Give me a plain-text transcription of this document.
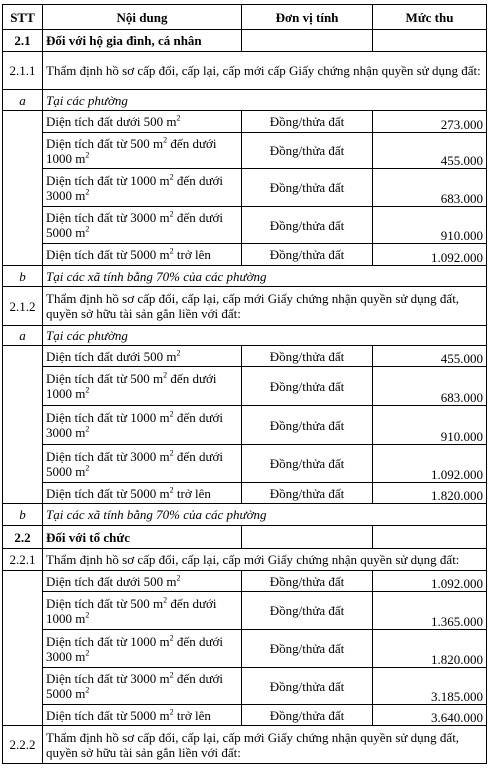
STT	Nội dung	Đơn vị tính	Mức thu
2.1	Đối với hộ gia đình, cá nhân		
2.1.1	Thẩm định hồ sơ cấp đổi, cấp lại, cấp mới cấp Giấy chứng nhận quyền sử dụng đất:		
a	Tại các phường		
	Diện tích đất dưới 500 $m^2$	Đồng/thửa đất	273.000
	Diện tích đất từ 500 $m^2$ đến dưới
1000 $m^2$	Đồng/thửa đất	455.000
	Diện tích đất từ 1000 $m^2$ đến dưới
3000 $m^2$	Đồng/thửa đất	683.000
	Diện tích đất từ 3000 $m^2$ đến dưới
5000 $m^2$	Đồng/thửa đất	910.000
	Diện tích đất từ 5000 $m^2$ trở lên	Đồng/thửa đất	1.092.000
b	Tại các xã tính bằng 70% của các phường		
2.1.2	Thẩm định hồ sơ cấp đổi, cấp lại, cấp mới Giấy chứng nhận quyền sử dụng đất, quyền sở hữu tài sản gắn liền với đất:		
a	Tại các phường		
	Diện tích đất dưới 500 $m^2$	Đồng/thửa đất	455.000
	Diện tích đất từ 500 $m^2$ đến dưới
1000 $m^2$	Đồng/thửa đất	683.000
	Diện tích đất từ 1000 $m^2$ đến dưới
3000 $m^2$	Đồng/thửa đất	910.000
	Diện tích đất từ 3000 $m^2$ đến dưới
5000 $m^2$	Đồng/thửa đất	1.092.000
	Diện tích đất từ 5000 $m^2$ trở lên	Đồng/thửa đất	1.820.000
b	Tại các xã tính bằng 70% của các phường		
2.2	Đối với tổ chức		
2.2.1	Thẩm định hồ sơ cấp đổi, cấp lại, cấp mới Giấy chứng nhận quyền sử dụng đất:		
	Diện tích đất dưới 500 $m^2$	Đồng/thửa đất	1.092.000
	Diện tích đất từ 500 $m^2$ đến dưới
1000 $m^2$	Đồng/thửa đất	1.365.000
	Diện tích đất từ 1000 $m^2$ đến dưới
3000 $m^2$	Đồng/thửa đất	1.820.000
	Diện tích đất từ 3000 $m^2$ đến dưới
5000 $m^2$	Đồng/thửa đất	3.185.000
	Diện tích đất từ 5000 $m^2$ trở lên	Đồng/thửa đất	3.640.000
2.2.2	Thẩm định hồ sơ cấp đổi, cấp lại, cấp mới Giấy chứng nhận quyền sử dụng đất, quyền sở hữu tài sản gắn liền với đất:		
